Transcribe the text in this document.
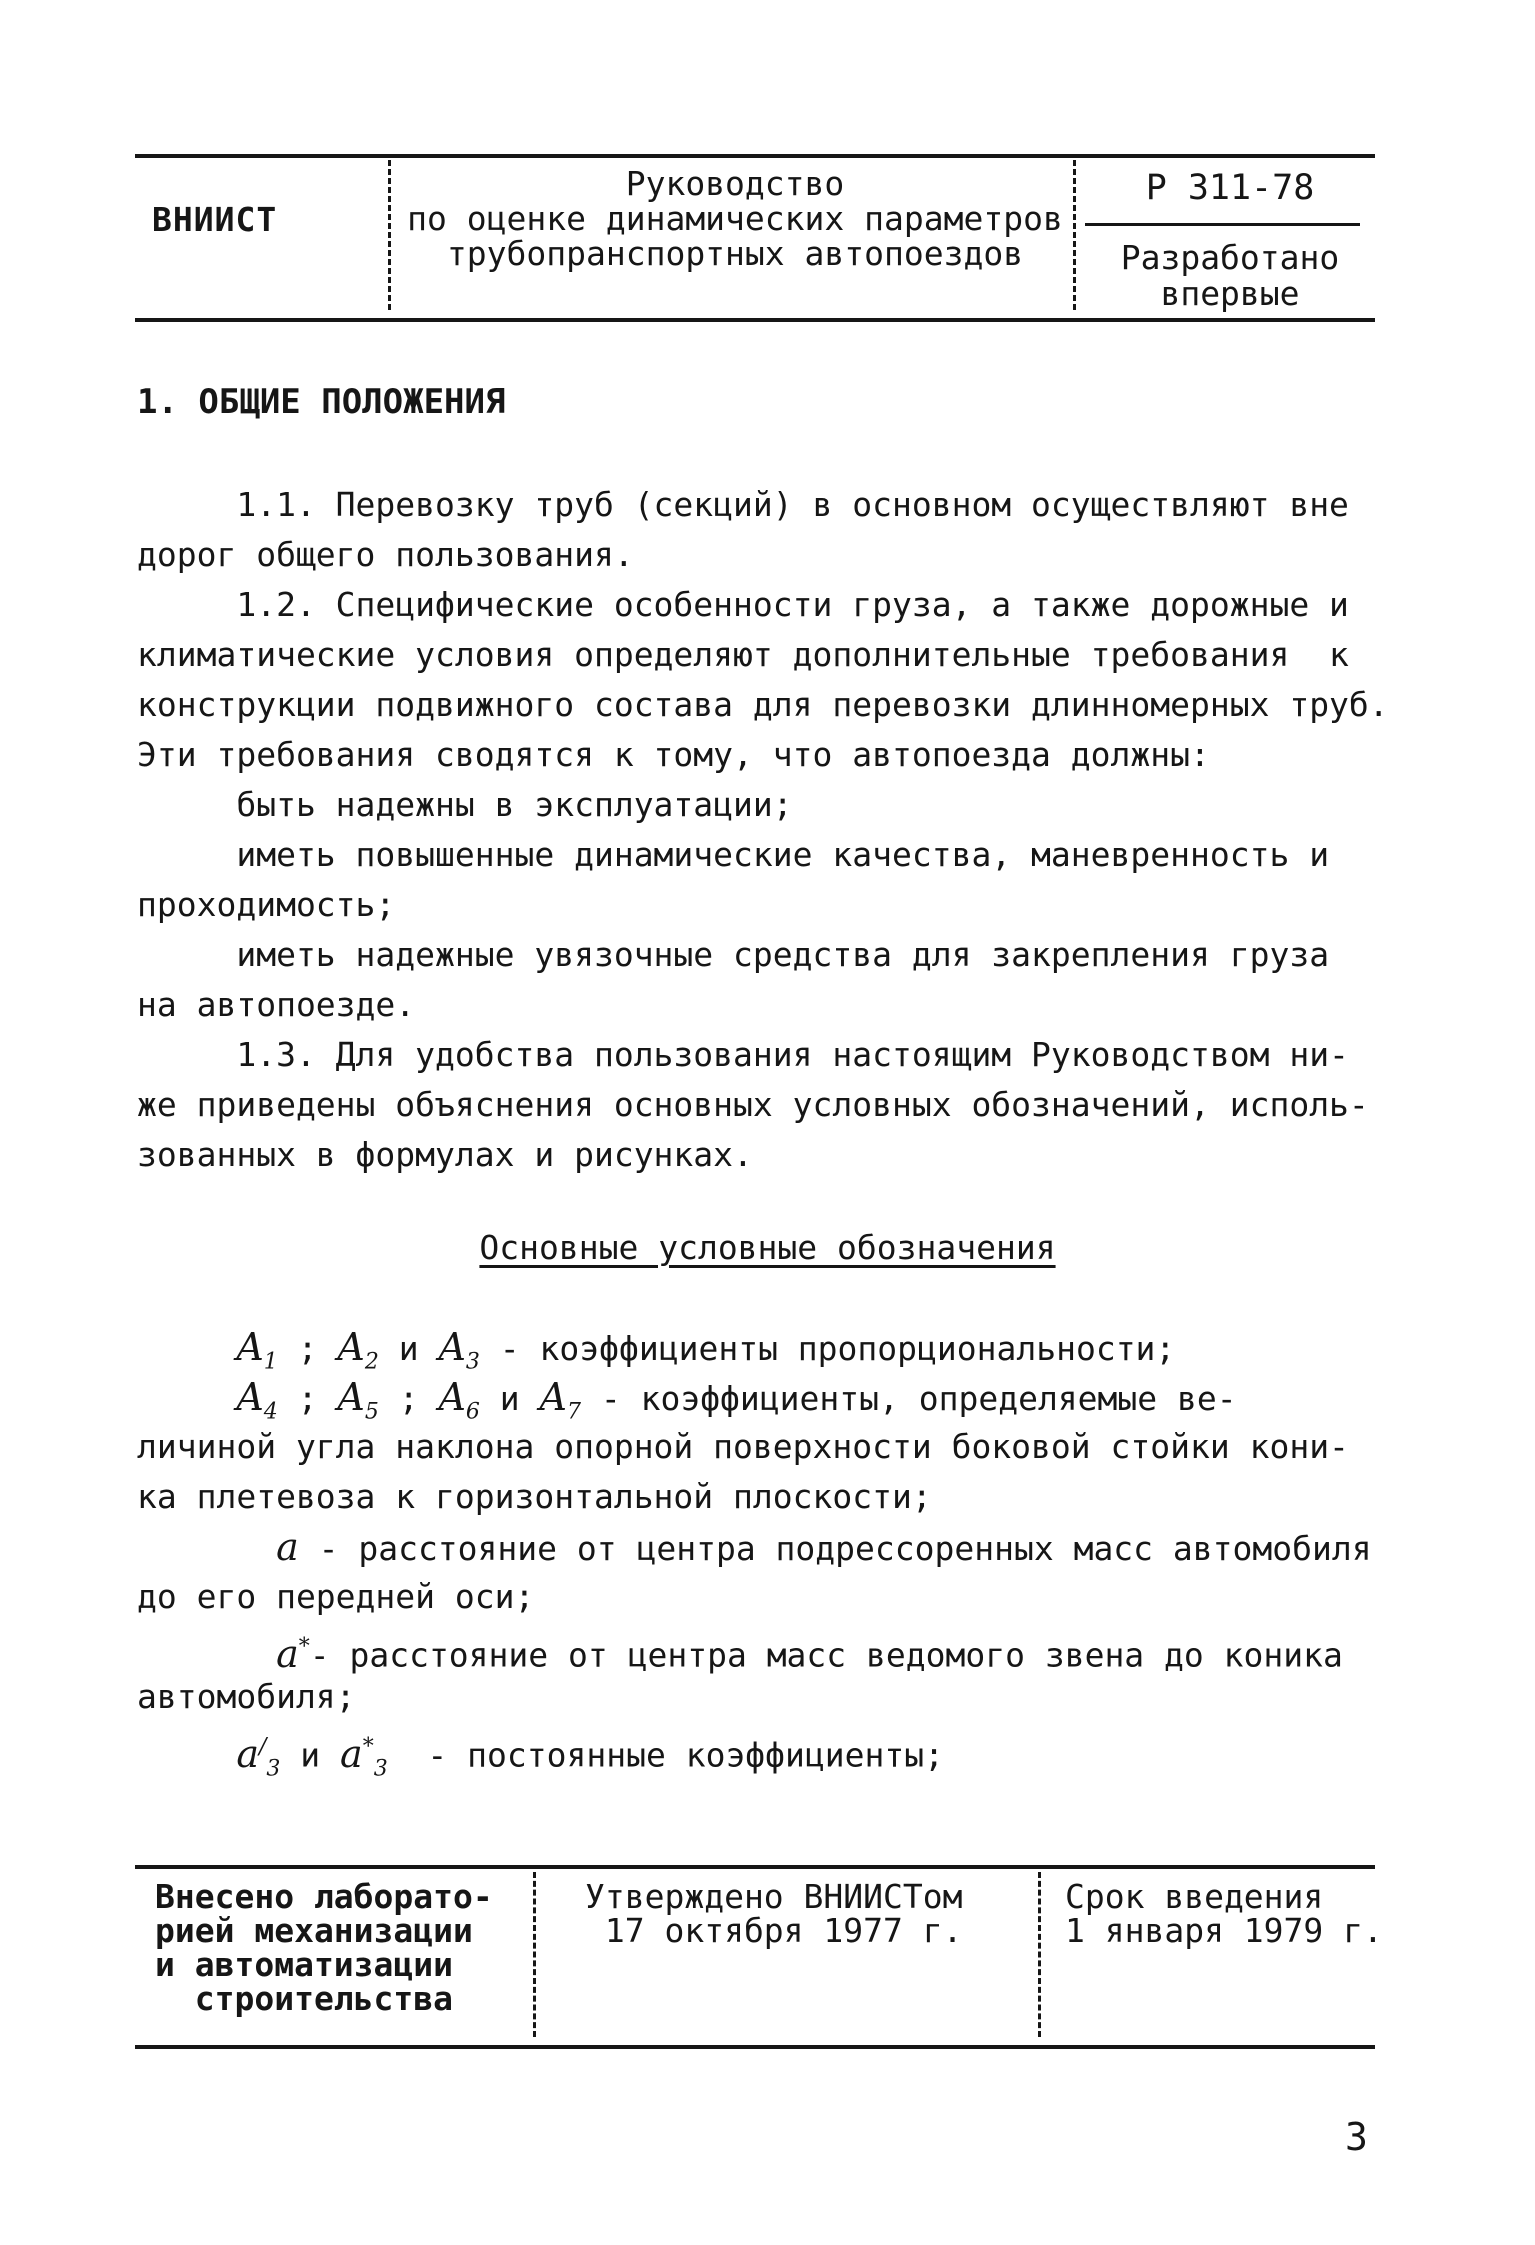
ВНИИСТ
Руководство
по оценке динамических параметров
трубопранспортных автопоездов
Р 311-78
Разработано
впервые
1. ОБЩИЕ ПОЛОЖЕНИЯ
1.1. Перевозку труб (секций) в основном осуществляют вне
дорог общего пользования.
1.2. Специфические особенности груза, а также дорожные и
климатические условия определяют дополнительные требования  к
конструкции подвижного состава для перевозки длинномерных труб.
Эти требования сводятся к тому, что автопоезда должны:
быть надежны в эксплуатации;
иметь повышенные динамические качества, маневренность и
проходимость;
иметь надежные увязочные средства для закрепления груза
на автопоезде.
1.3. Для удобства пользования настоящим Руководством ни-
же приведены объяснения основных условных обозначений, исполь-
зованных в формулах и рисунках.
Основные условные обозначения
$A_1$ ; $A_2$ и $A_3$ - коэффициенты пропорциональности;
$A_4$ ; $A_5$ ; $A_6$ и $A_7$ - коэффициенты, определяемые ве-
личиной угла наклона опорной поверхности боковой стойки кони-
ка плетевоза к горизонтальной плоскости;
a - расстояние от центра подрессоренных масс автомобиля
до его передней оси;
a*- расстояние от центра масс ведомого звена до коника
автомобиля;
$a^/_3$ и $a^*_3$  - постоянные коэффициенты;
Внесено лаборато-
рией механизации
и автоматизации
строительства
Утверждено ВНИИСТом
17 октября 1977 г.
Срок введения
1 января 1979 г.
3
